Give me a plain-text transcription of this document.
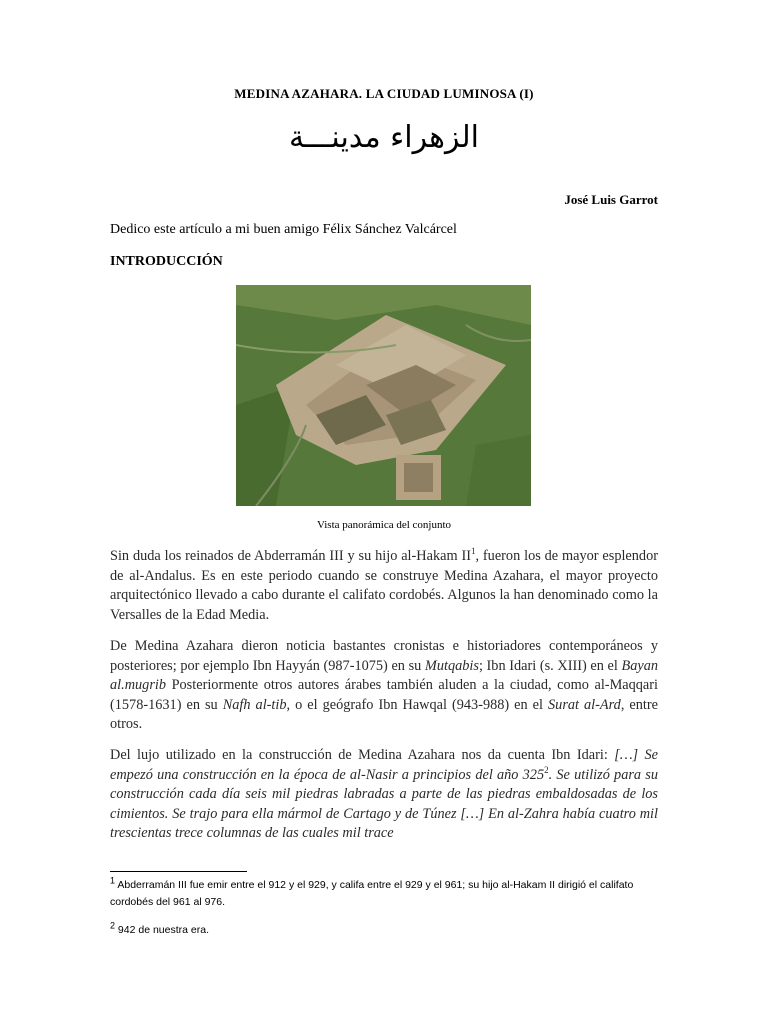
MEDINA AZAHARA. LA CIUDAD LUMINOSA (I)
الزهراء مدينـــة
José Luis Garrot
Dedico este artículo a mi buen amigo Félix Sánchez Valcárcel
INTRODUCCIÓN
Vista panorámica del conjunto

Sin duda los reinados de Abderramán III y su hijo al-Hakam $II^1$, fueron los de mayor esplendor de al-Andalus. Es en este periodo cuando se construye Medina Azahara, el mayor proyecto arquitectónico llevado a cabo durante el califato cordobés. Algunos la han denominado como la Versalles de la Edad Media.

De Medina Azahara dieron noticia bastantes cronistas e historiadores contemporáneos y posteriores; por ejemplo Ibn Hayyán (987-1075) en su Mutqabis; Ibn Idari (s. XIII) en el Bayan al.mugrib Posteriormente otros autores árabes también aluden a la ciudad, como al-Maqqari (1578-1631) en su Nafh al-tib, o el geógrafo Ibn Hawqal (943-988) en el Surat al-Ard, entre otros.

Del lujo utilizado en la construcción de Medina Azahara nos da cuenta Ibn Idari: […] Se empezó una construcción en la época de al-Nasir a principios del año $325^2$. Se utilizó para su construcción cada día seis mil piedras labradas a parte de las piedras embaldosadas de los cimientos. Se trajo para ella mármol de Cartago y de Túnez […] En al-Zahra había cuatro mil trescientas trece columnas de las cuales mil trace

$^1$ Abderramán III fue emir entre el 912 y el 929, y califa entre el 929 y el 961; su hijo al-Hakam II dirigió el califato cordobés del 961 al 976.
$^2$ 942 de nuestra era.
